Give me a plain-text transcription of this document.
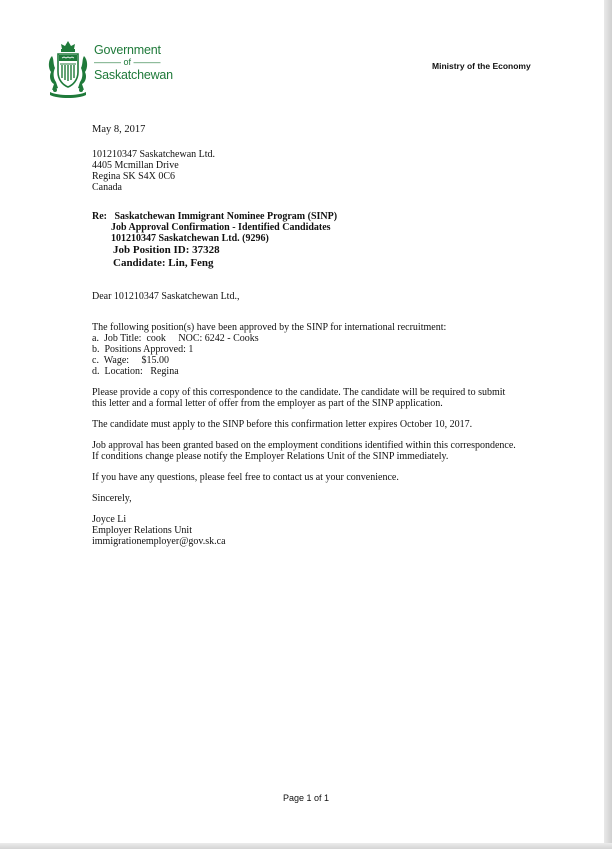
Government
——— of ———
Saskatchewan
Ministry of the Economy

May 8, 2017

101210347 Saskatchewan Ltd.
4405 Mcmillan Drive
Regina SK S4X 0C6
Canada
Re: Saskatchewan Immigrant Nominee Program (SINP)
Job Approval Confirmation - Identified Candidates
101210347 Saskatchewan Ltd. (9296)
Job Position ID: 37328
Candidate: Lin, Feng
Dear 101210347 Saskatchewan Ltd.,
The following position(s) have been approved by the SINP for international recruitment:
a.  Job Title:  cook     NOC: 6242 - Cooks
b.  Positions Approved: 1
c.  Wage:     $15.00
d.  Location:   Regina
Please provide a copy of this correspondence to the candidate. The candidate will be required to submit this letter and a formal letter of offer from the employer as part of the SINP application.
The candidate must apply to the SINP before this confirmation letter expires October 10, 2017.
Job approval has been granted based on the employment conditions identified within this correspondence. If conditions change please notify the Employer Relations Unit of the SINP immediately.
If you have any questions, please feel free to contact us at your convenience.
Sincerely,
Joyce Li
Employer Relations Unit
immigrationemployer@gov.sk.ca
Page 1 of 1
